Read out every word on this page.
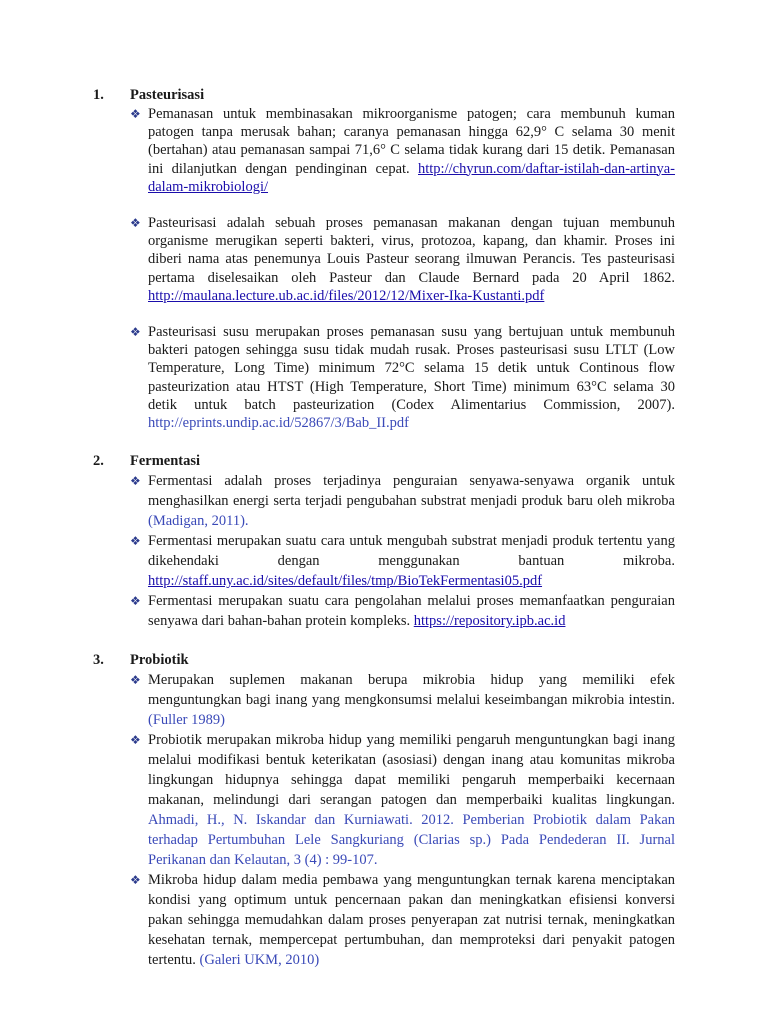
1.	Pasteurisasi
❖ Pemanasan untuk membinasakan mikroorganisme patogen; cara membunuh kuman patogen tanpa merusak bahan; caranya pemanasan hingga 62,9° C selama 30 menit (bertahan) atau pemanasan sampai 71,6° C selama tidak kurang dari 15 detik. Pemanasan ini dilanjutkan dengan pendinginan cepat. http://chyrun.com/daftar-istilah-dan-artinya-dalam-mikrobiologi/
❖ Pasteurisasi adalah sebuah proses pemanasan makanan dengan tujuan membunuh organisme merugikan seperti bakteri, virus, protozoa, kapang, dan khamir. Proses ini diberi nama atas penemunya Louis Pasteur seorang ilmuwan Perancis. Tes pasteurisasi pertama diselesaikan oleh Pasteur dan Claude Bernard pada 20 April 1862. http://maulana.lecture.ub.ac.id/files/2012/12/Mixer-Ika-Kustanti.pdf
❖ Pasteurisasi susu merupakan proses pemanasan susu yang bertujuan untuk membunuh bakteri patogen sehingga susu tidak mudah rusak. Proses pasteurisasi susu LTLT (Low Temperature, Long Time) minimum 72°C selama 15 detik untuk Continous flow pasteurization atau HTST (High Temperature, Short Time) minimum 63°C selama 30 detik untuk batch pasteurization (Codex Alimentarius Commission, 2007). http://eprints.undip.ac.id/52867/3/Bab_II.pdf
2.	Fermentasi
❖ Fermentasi adalah proses terjadinya penguraian senyawa-senyawa organik untuk menghasilkan energi serta terjadi pengubahan substrat menjadi produk baru oleh mikroba (Madigan, 2011).
❖ Fermentasi merupakan suatu cara untuk mengubah substrat menjadi produk tertentu yang dikehendaki dengan menggunakan bantuan mikroba. http://staff.uny.ac.id/sites/default/files/tmp/BioTekFermentasi05.pdf
❖ Fermentasi merupakan suatu cara pengolahan melalui proses memanfaatkan penguraian senyawa dari bahan-bahan protein kompleks. https://repository.ipb.ac.id
3.	Probiotik
❖ Merupakan suplemen makanan berupa mikrobia hidup yang memiliki efek menguntungkan bagi inang yang mengkonsumsi melalui keseimbangan mikrobia intestin. (Fuller 1989)
❖ Probiotik merupakan mikroba hidup yang memiliki pengaruh menguntungkan bagi inang melalui modifikasi bentuk keterikatan (asosiasi) dengan inang atau komunitas mikroba lingkungan hidupnya sehingga dapat memiliki pengaruh memperbaiki kecernaan makanan, melindungi dari serangan patogen dan memperbaiki kualitas lingkungan. Ahmadi, H., N. Iskandar dan Kurniawati. 2012. Pemberian Probiotik dalam Pakan terhadap Pertumbuhan Lele Sangkuriang (Clarias sp.) Pada Pendederan II. Jurnal Perikanan dan Kelautan, 3 (4) : 99-107.
❖ Mikroba hidup dalam media pembawa yang menguntungkan ternak karena menciptakan kondisi yang optimum untuk pencernaan pakan dan meningkatkan efisiensi konversi pakan sehingga memudahkan dalam proses penyerapan zat nutrisi ternak, meningkatkan kesehatan ternak, mempercepat pertumbuhan, dan memproteksi dari penyakit patogen tertentu. (Galeri UKM, 2010)
